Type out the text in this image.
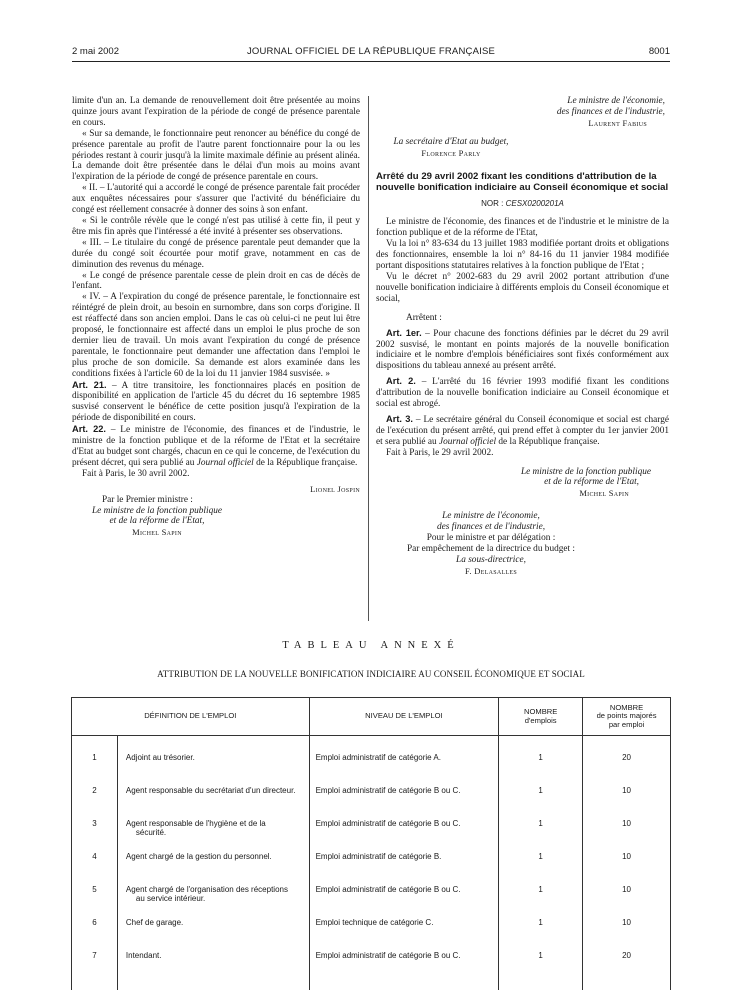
2 mai 2002	JOURNAL OFFICIEL DE LA RÉPUBLIQUE FRANÇAISE	8001

limite d'un an. La demande de renouvellement doit être présentée au moins quinze jours avant l'expiration de la période de congé de présence parentale en cours.

« Sur sa demande, le fonctionnaire peut renoncer au bénéfice du congé de présence parentale au profit de l'autre parent fonctionnaire pour la ou les périodes restant à courir jusqu'à la limite maximale définie au présent alinéa. La demande doit être présentée dans le délai d'un mois au moins avant l'expiration de la période de congé de présence parentale en cours.

« II. – L'autorité qui a accordé le congé de présence parentale fait procéder aux enquêtes nécessaires pour s'assurer que l'activité du bénéficiaire du congé est réellement consacrée à donner des soins à son enfant.

« Si le contrôle révèle que le congé n'est pas utilisé à cette fin, il peut y être mis fin après que l'intéressé a été invité à présenter ses observations.

« III. – Le titulaire du congé de présence parentale peut demander que la durée du congé soit écourtée pour motif grave, notamment en cas de diminution des revenus du ménage.

« Le congé de présence parentale cesse de plein droit en cas de décès de l'enfant.

« IV. – A l'expiration du congé de présence parentale, le fonctionnaire est réintégré de plein droit, au besoin en surnombre, dans son corps d'origine. Il est réaffecté dans son ancien emploi. Dans le cas où celui-ci ne peut lui être proposé, le fonctionnaire est affecté dans un emploi le plus proche de son dernier lieu de travail. Un mois avant l'expiration du congé de présence parentale, le fonctionnaire peut demander une affectation dans l'emploi le plus proche de son domicile. Sa demande est alors examinée dans les conditions fixées à l'article 60 de la loi du 11 janvier 1984 susvisée. »

Art. 21. – A titre transitoire, les fonctionnaires placés en position de disponibilité en application de l'article 45 du décret du 16 septembre 1985 susvisé conservent le bénéfice de cette position jusqu'à l'expiration de la période de disponibilité en cours.

Art. 22. – Le ministre de l'économie, des finances et de l'industrie, le ministre de la fonction publique et de la réforme de l'Etat et la secrétaire d'Etat au budget sont chargés, chacun en ce qui le concerne, de l'exécution du présent décret, qui sera publié au Journal officiel de la République française.

Fait à Paris, le 30 avril 2002.

Lionel Jospin

Par le Premier ministre :

Le ministre de la fonction publique

et de la réforme de l'Etat,

Michel Sapin

Le ministre de l'économie,

des finances et de l'industrie,

Laurent Fabius

La secrétaire d'Etat au budget,

Florence Parly

Arrêté du 29 avril 2002 fixant les conditions d'attribution de la nouvelle bonification indiciaire au Conseil économique et social

NOR : CESX0200201A

Le ministre de l'économie, des finances et de l'industrie et le ministre de la fonction publique et de la réforme de l'Etat,

Vu la loi n° 83-634 du 13 juillet 1983 modifiée portant droits et obligations des fonctionnaires, ensemble la loi n° 84-16 du 11 janvier 1984 modifiée portant dispositions statutaires relatives à la fonction publique de l'Etat ;

Vu le décret n° 2002-683 du 29 avril 2002 portant attribution d'une nouvelle bonification indiciaire à différents emplois du Conseil économique et social,

Arrêtent :

Art. 1er. – Pour chacune des fonctions définies par le décret du 29 avril 2002 susvisé, le montant en points majorés de la nouvelle bonification indiciaire et le nombre d'emplois bénéficiaires sont fixés conformément aux dispositions du tableau annexé au présent arrêté.

Art. 2. – L'arrêté du 16 février 1993 modifié fixant les conditions d'attribution de la nouvelle bonification indiciaire au Conseil économique et social est abrogé.

Art. 3. – Le secrétaire général du Conseil économique et social est chargé de l'exécution du présent arrêté, qui prend effet à compter du 1er janvier 2001 et sera publié au Journal officiel de la République française.

Fait à Paris, le 29 avril 2002.

Le ministre de la fonction publique

et de la réforme de l'Etat,

Michel Sapin

Le ministre de l'économie,

des finances et de l'industrie,

Pour le ministre et par délégation :

Par empêchement de la directrice du budget :

La sous-directrice,

F. Delasalles

TABLEAU ANNEXÉ
ATTRIBUTION DE LA NOUVELLE BONIFICATION INDICIAIRE AU CONSEIL ÉCONOMIQUE ET SOCIAL
DÉFINITION DE L'EMPLOI		NIVEAU DE L'EMPLOI	NOMBRE
d'emplois	NOMBRE
de points majorés
par emploi

1	Adjoint au trésorier.	Emploi administratif de catégorie A.	1	20
2	Agent responsable du secrétariat d'un directeur.	Emploi administratif de catégorie B ou C.	1	10
3	Agent responsable de l'hygiène et de la
sécurité.	Emploi administratif de catégorie B ou C.	1	10
4	Agent chargé de la gestion du personnel.	Emploi administratif de catégorie B.	1	10
5	Agent chargé de l'organisation des réceptions
au service intérieur.	Emploi administratif de catégorie B ou C.	1	10
6	Chef de garage.	Emploi technique de catégorie C.	1	10
7	Intendant.	Emploi administratif de catégorie B ou C.	1	20
